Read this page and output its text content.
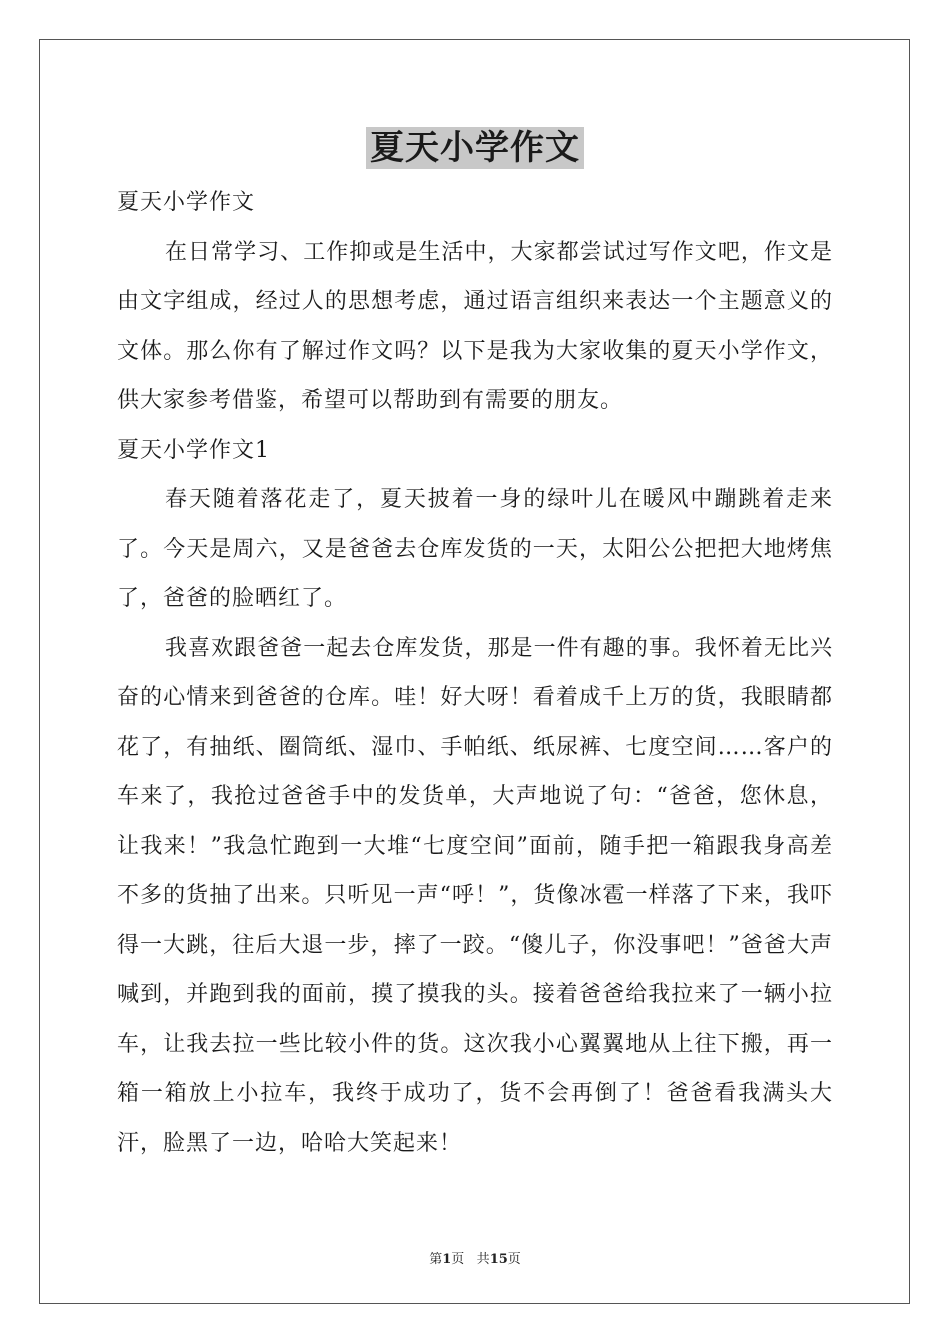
夏天小学作文

夏天小学作文

在日常学习、工作抑或是生活中，大家都尝试过写作文吧，作文是由文字组成，经过人的思想考虑，通过语言组织来表达一个主题意义的文体。那么你有了解过作文吗？以下是我为大家收集的夏天小学作文，供大家参考借鉴，希望可以帮助到有需要的朋友。

夏天小学作文1

春天随着落花走了，夏天披着一身的绿叶儿在暖风中蹦跳着走来了。今天是周六，又是爸爸去仓库发货的一天，太阳公公把把大地烤焦了，爸爸的脸晒红了。

我喜欢跟爸爸一起去仓库发货，那是一件有趣的事。我怀着无比兴奋的心情来到爸爸的仓库。哇！好大呀！看着成千上万的货，我眼睛都花了，有抽纸、圈筒纸、湿巾、手帕纸、纸尿裤、七度空间……客户的车来了，我抢过爸爸手中的发货单，大声地说了句：“爸爸，您休息，让我来！”我急忙跑到一大堆“七度空间”面前，随手把一箱跟我身高差不多的货抽了出来。只听见一声“呼！”，货像冰雹一样落了下来，我吓得一大跳，往后大退一步，摔了一跤。“傻儿子，你没事吧！”爸爸大声喊到，并跑到我的面前，摸了摸我的头。接着爸爸给我拉来了一辆小拉车，让我去拉一些比较小件的货。这次我小心翼翼地从上往下搬，再一箱一箱放上小拉车，我终于成功了，货不会再倒了！爸爸看我满头大汗，脸黑了一边，哈哈大笑起来！

第1页 共15页
